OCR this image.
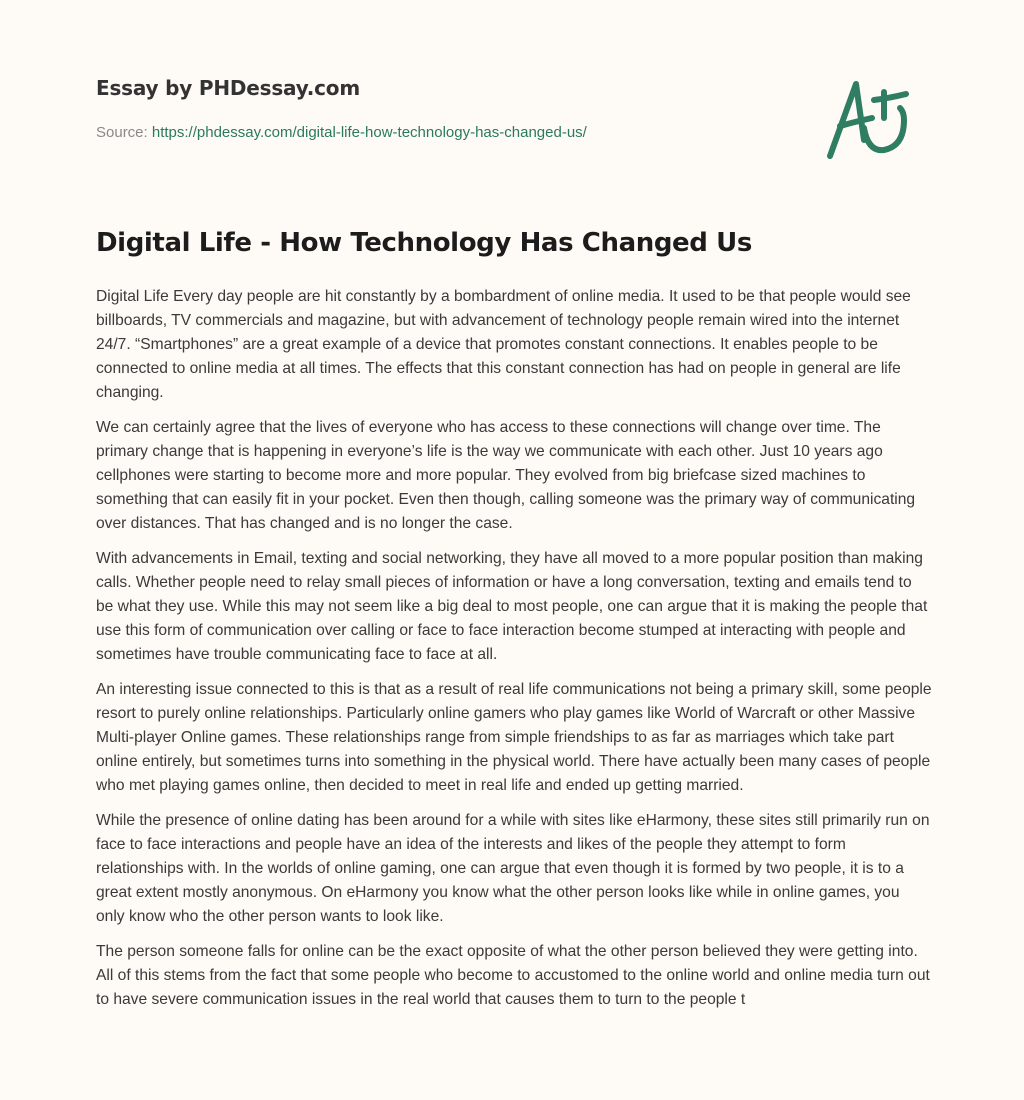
Essay by PHDessay.com
Source: https://phdessay.com/digital-life-how-technology-has-changed-us/
Digital Life - How Technology Has Changed Us

Digital Life Every day people are hit constantly by a bombardment of online media. It used to be that people would see billboards, TV commercials and magazine, but with advancement of technology people remain wired into the internet 24/7. “Smartphones” are a great example of a device that promotes constant connections. It enables people to be connected to online media at all times. The effects that this constant connection has had on people in general are life changing.

We can certainly agree that the lives of everyone who has access to these connections will change over time. The primary change that is happening in everyone’s life is the way we communicate with each other. Just 10 years ago cellphones were starting to become more and more popular. They evolved from big briefcase sized machines to something that can easily fit in your pocket. Even then though, calling someone was the primary way of communicating over distances. That has changed and is no longer the case.

With advancements in Email, texting and social networking, they have all moved to a more popular position than making calls. Whether people need to relay small pieces of information or have a long conversation, texting and emails tend to be what they use. While this may not seem like a big deal to most people, one can argue that it is making the people that use this form of communication over calling or face to face interaction become stumped at interacting with people and sometimes have trouble communicating face to face at all.

An interesting issue connected to this is that as a result of real life communications not being a primary skill, some people resort to purely online relationships. Particularly online gamers who play games like World of Warcraft or other Massive Multi-player Online games. These relationships range from simple friendships to as far as marriages which take part online entirely, but sometimes turns into something in the physical world. There have actually been many cases of people who met playing games online, then decided to meet in real life and ended up getting married.

While the presence of online dating has been around for a while with sites like eHarmony, these sites still primarily run on face to face interactions and people have an idea of the interests and likes of the people they attempt to form relationships with. In the worlds of online gaming, one can argue that even though it is formed by two people, it is to a great extent mostly anonymous. On eHarmony you know what the other person looks like while in online games, you only know who the other person wants to look like.

The person someone falls for online can be the exact opposite of what the other person believed they were getting into. All of this stems from the fact that some people who become to accustomed to the online world and online media turn out to have severe communication issues in the real world that causes them to turn to the people t
